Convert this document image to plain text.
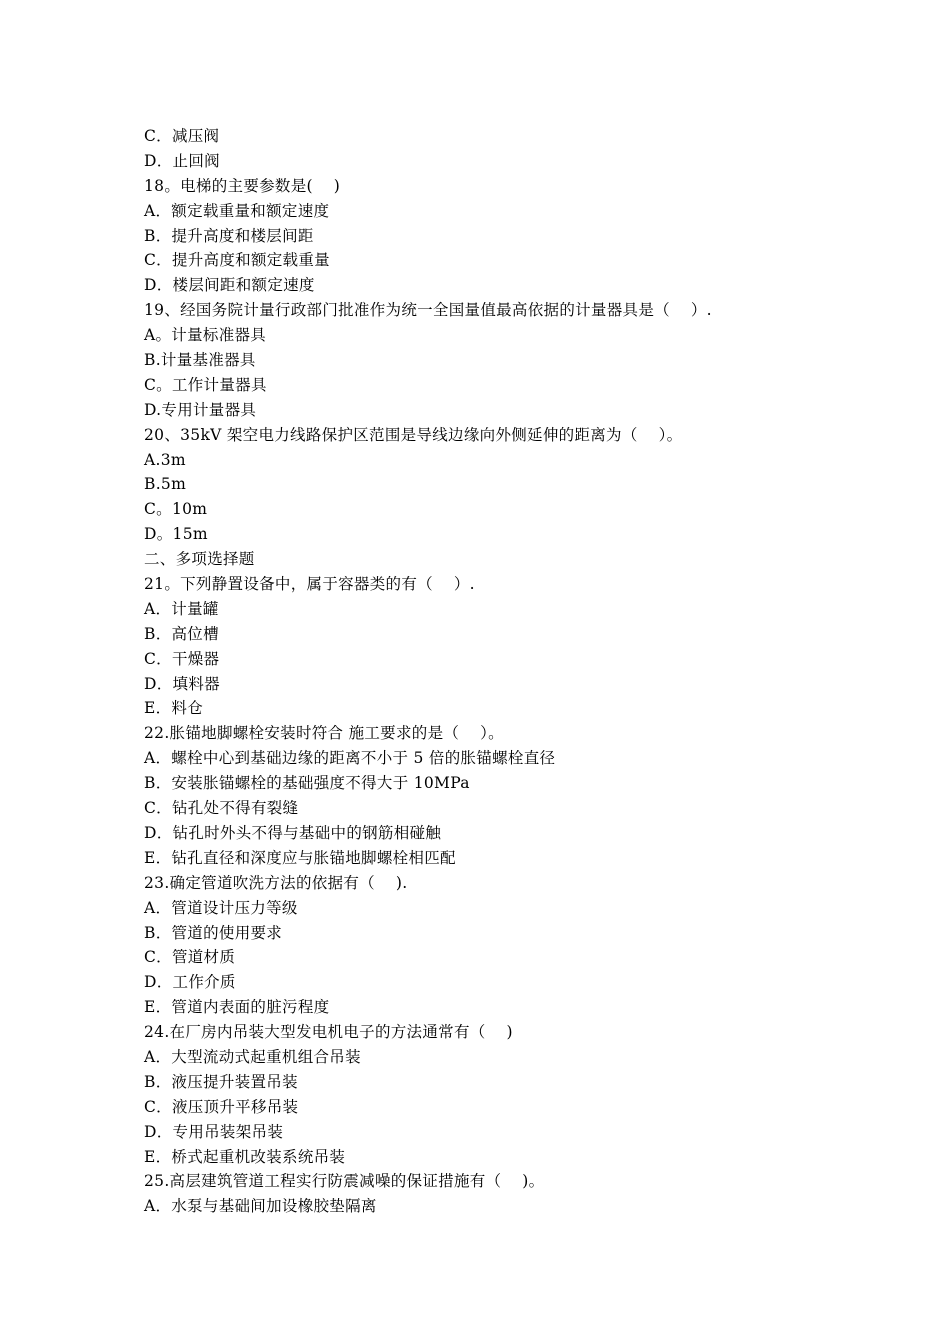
C．减压阀
D．止回阀
18。电梯的主要参数是(    )
A．额定载重量和额定速度
B．提升高度和楼层间距
C．提升高度和额定载重量
D．楼层间距和额定速度
19、经国务院计量行政部门批准作为统一全国量值最高依据的计量器具是（    ）.
A。计量标准器具
B.计量基准器具
C。工作计量器具
D.专用计量器具
20、35kV 架空电力线路保护区范围是导线边缘向外侧延伸的距离为（    ）。
A.3m
B.5m
C。10m
D。15m
二、多项选择题
21。下列静置设备中，属于容器类的有（    ）.
A．计量罐
B．高位槽
C．干燥器
D．填料器
E．料仓
22.胀锚地脚螺栓安装时符合 施工要求的是（    ）。
A．螺栓中心到基础边缘的距离不小于 5 倍的胀锚螺栓直径
B．安装胀锚螺栓的基础强度不得大于 10MPa
C．钻孔处不得有裂缝
D．钻孔时外头不得与基础中的钢筋相碰触
E．钻孔直径和深度应与胀锚地脚螺栓相匹配
23.确定管道吹洗方法的依据有（    ).
A．管道设计压力等级
B．管道的使用要求
C．管道材质
D．工作介质
E．管道内表面的脏污程度
24.在厂房内吊装大型发电机电子的方法通常有（    )
A．大型流动式起重机组合吊装
B．液压提升装置吊装
C．液压顶升平移吊装
D．专用吊装架吊装
E．桥式起重机改装系统吊装
25.高层建筑管道工程实行防震减噪的保证措施有（    )。
A．水泵与基础间加设橡胶垫隔离
